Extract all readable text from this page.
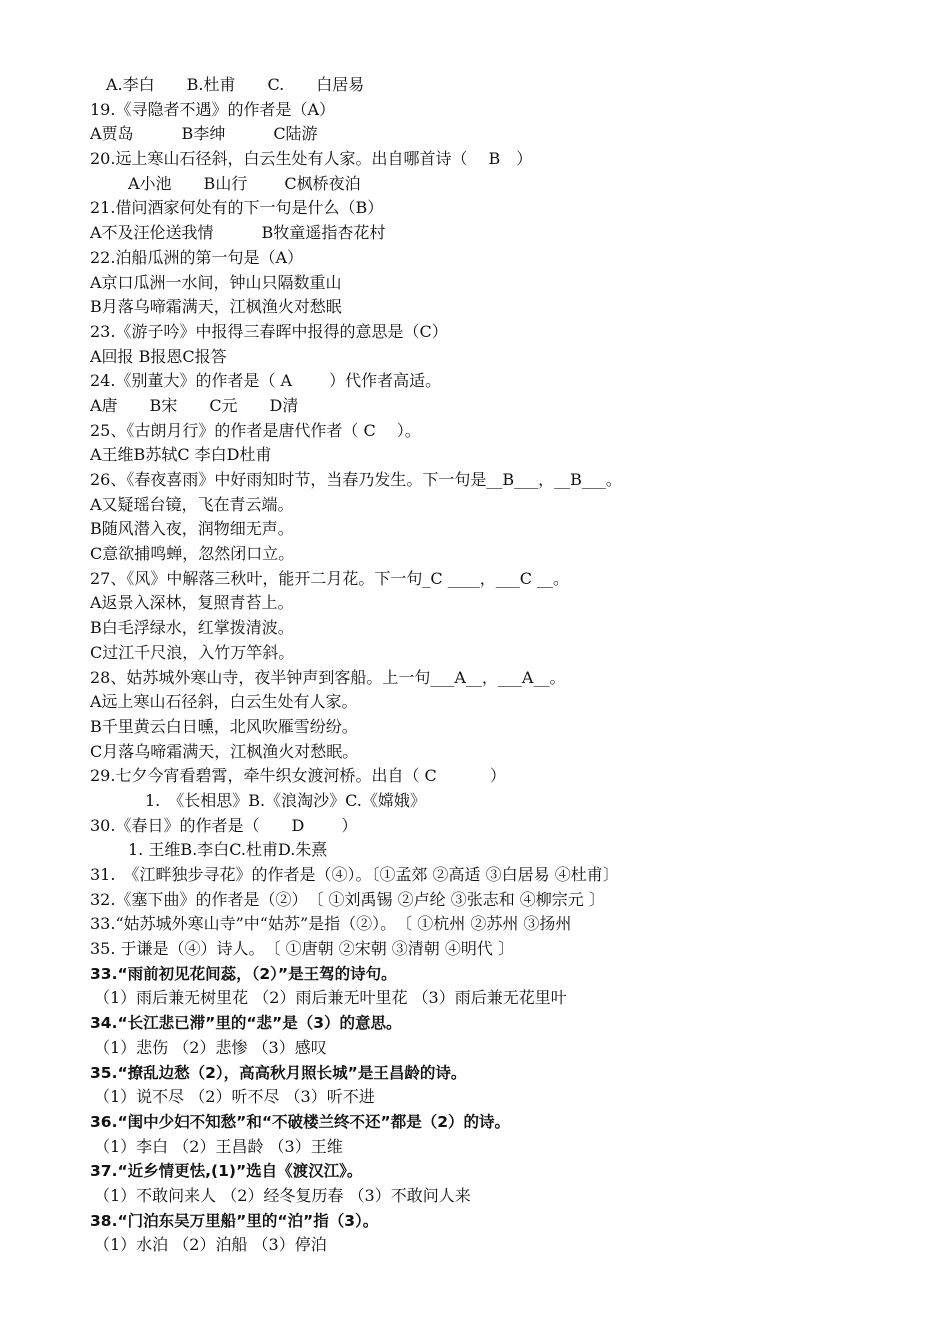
A.李白　　B.杜甫　　C.　　白居易
19.《寻隐者不遇》的作者是（A）
A贾岛　　　B李绅　　　C陆游
20.远上寒山石径斜，白云生处有人家。出自哪首诗（　 B　）
A小池　　B山行　　 C枫桥夜泊
21.借问酒家何处有的下一句是什么（B）
A不及汪伦送我情　　　B牧童遥指杏花村
22.泊船瓜洲的第一句是（A）
A京口瓜洲一水间，钟山只隔数重山
B月落乌啼霜满天，江枫渔火对愁眠
23.《游子吟》中报得三春晖中报得的意思是（C）
A回报 B报恩C报答
24.《别董大》的作者是（ A　　 ）代作者高适。
A唐　　B宋　　C元　　D清
25、《古朗月行》的作者是唐代作者（ C　 ）。
A王维B苏轼C 李白D杜甫
26、《春夜喜雨》中好雨知时节，当春乃发生。下一句是__B___，__B___。
A又疑瑶台镜，飞在青云端。
B随风潜入夜，润物细无声。
C意欲捕鸣蝉，忽然闭口立。
27、《风》中解落三秋叶，能开二月花。下一句_C ____，___C __。
A返景入深林，复照青苔上。
B白毛浮绿水，红掌拨清波。
C过江千尺浪，入竹万竿斜。
28、姑苏城外寒山寺，夜半钟声到客船。上一句___A__，___A__。
A远上寒山石径斜，白云生处有人家。
B千里黄云白日曛，北风吹雁雪纷纷。
C月落乌啼霜满天，江枫渔火对愁眠。
29.七夕今宵看碧霄，牵牛织女渡河桥。出自（ C　　　 ）
1.　《长相思》B.《浪淘沙》C.《嫦娥》
30.《春日》的作者是（　　D　　 ）
1. 王维B.李白C.杜甫D.朱熹
31.　《江畔独步寻花》的作者是（④）。〔①孟郊 ②高适 ③白居易 ④杜甫〕
32.《塞下曲》的作者是（②）　〔 ①刘禹锡 ②卢纶 ③张志和 ④柳宗元 〕
33.“姑苏城外寒山寺”中“姑苏”是指（②）。　〔 ①杭州 ②苏州 ③扬州
35. 于谦是（④）诗人。　〔 ①唐朝 ②宋朝 ③清朝 ④明代 〕
33.“雨前初见花间蕊，（2）”是王驾的诗句。
（1）雨后兼无树里花 （2）雨后兼无叶里花 （3）雨后兼无花里叶
34.“长江悲已滞”里的“悲”是（3）的意思。
（1）悲伤 （2）悲惨 （3）感叹
35.“撩乱边愁（2），高高秋月照长城”是王昌龄的诗。
（1）说不尽 （2）听不尽 （3）听不进
36.“闺中少妇不知愁”和“不破楼兰终不还”都是（2）的诗。
（1）李白 （2）王昌龄 （3）王维
37.“近乡情更怯,(1)”选自《渡汉江》。
（1）不敢问来人 （2）经冬复历春 （3）不敢问人来
38.“门泊东吴万里船”里的“泊”指（3）。
（1）水泊 （2）泊船 （3）停泊
